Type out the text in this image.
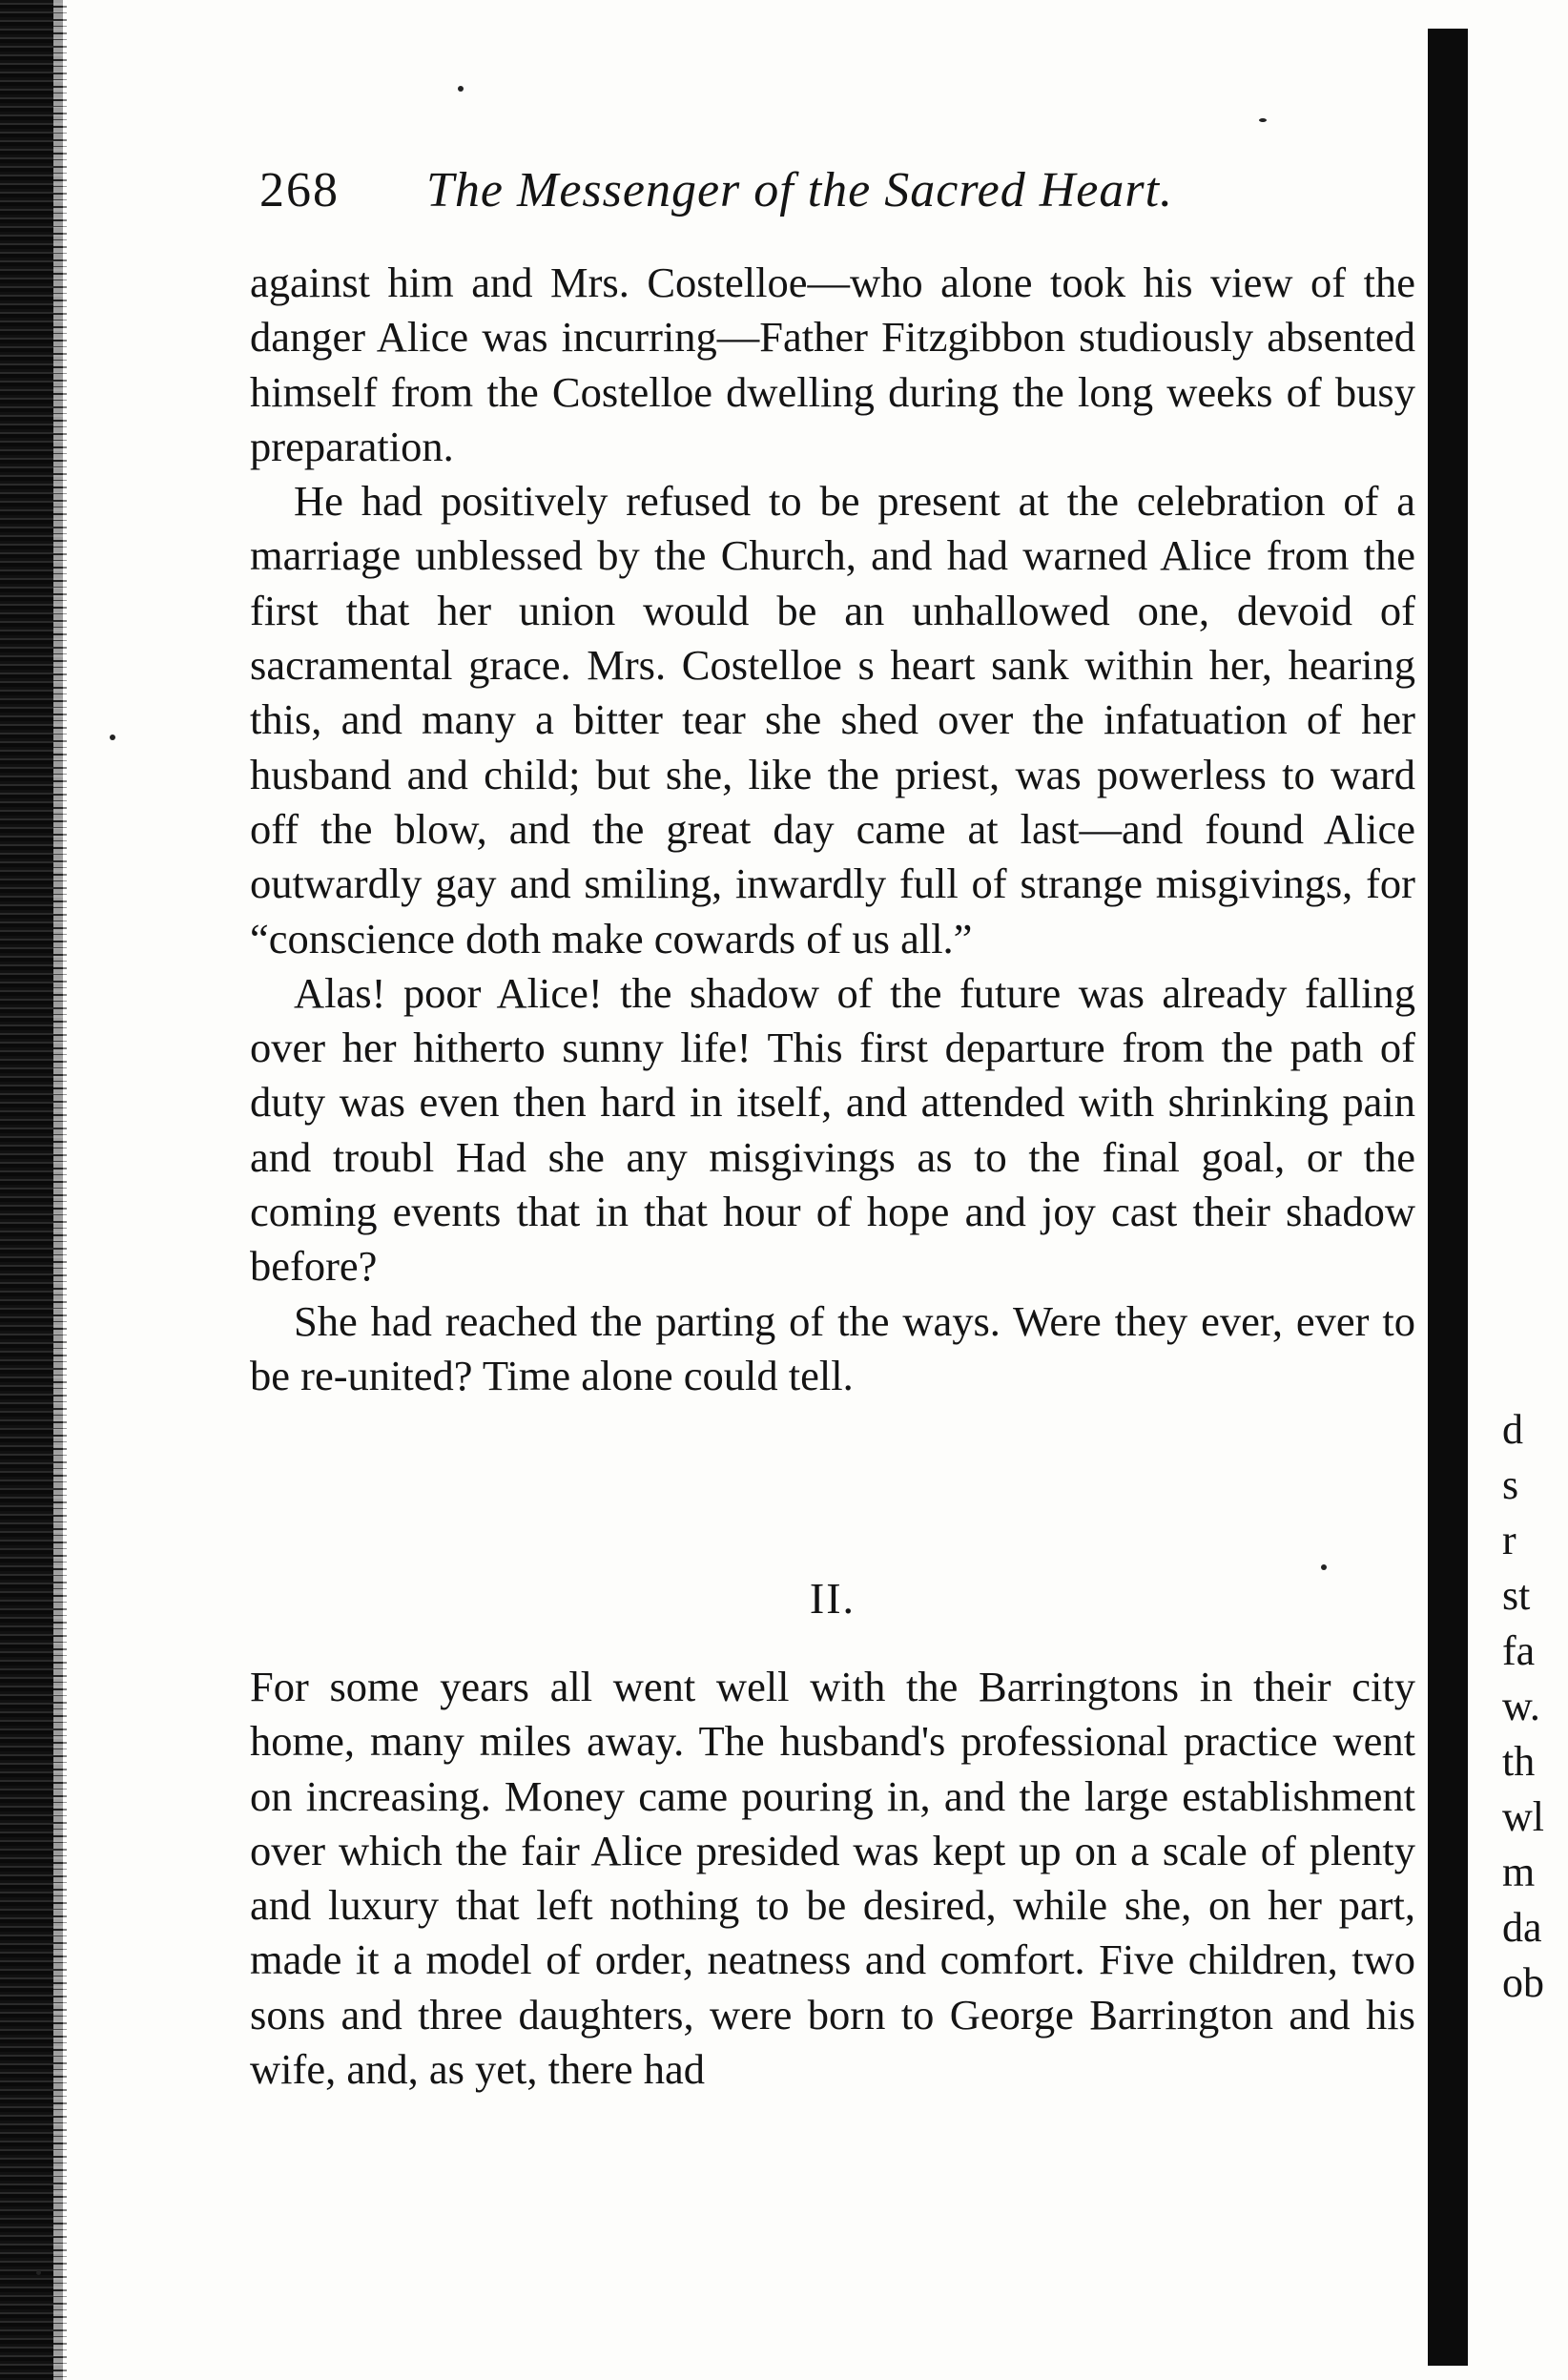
268 The Messenger of the Sacred Heart.

against him and Mrs. Costelloe—who alone took his view of the danger Alice was incurring—Father Fitzgibbon studiously absented himself from the Costelloe dwelling during the long weeks of busy preparation.

He had positively refused to be present at the celebration of a marriage unblessed by the Church, and had warned Alice from the first that her union would be an unhallowed one, devoid of sacramental grace. Mrs. Costelloe s heart sank within her, hearing this, and many a bitter tear she shed over the infatuation of her husband and child; but she, like the priest, was powerless to ward off the blow, and the great day came at last—and found Alice outwardly gay and smiling, inwardly full of strange misgivings, for “conscience doth make cowards of us all.”

Alas! poor Alice! the shadow of the future was already falling over her hitherto sunny life! This first departure from the path of duty was even then hard in itself, and attended with shrinking pain and troubl Had she any misgivings as to the final goal, or the coming events that in that hour of hope and joy cast their shadow before?

She had reached the parting of the ways. Were they ever, ever to be re-united? Time alone could tell.

II.

For some years all went well with the Barringtons in their city home, many miles away. The husband's professional practice went on increasing. Money came pouring in, and the large establishment over which the fair Alice presided was kept up on a scale of plenty and luxury that left nothing to be desired, while she, on her part, made it a model of order, neatness and comfort. Five children, two sons and three daughters, were born to George Barrington and his wife, and, as yet, there had

d
s
r
st
fa
w.
th
wl
m
da
ob
